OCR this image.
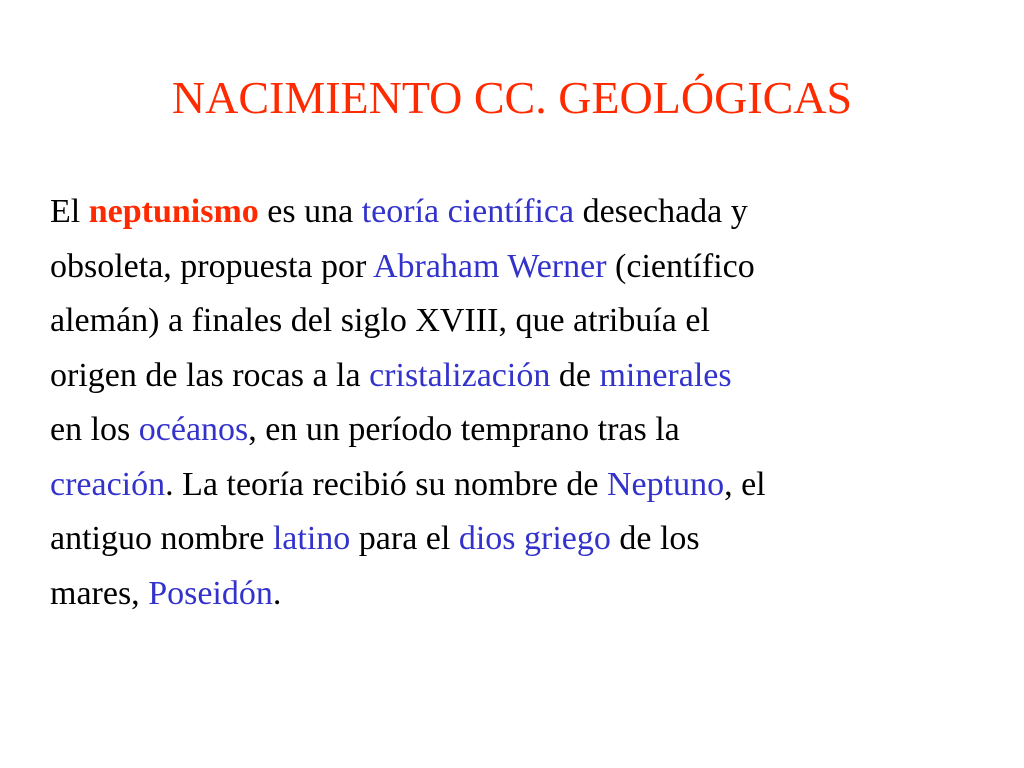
NACIMIENTO CC. GEOLÓGICAS
El neptunismo es una teoría científica desechada y
obsoleta, propuesta por Abraham Werner (científico
alemán) a finales del siglo XVIII, que atribuía el
origen de las rocas a la cristalización de minerales
en los océanos, en un período temprano tras la
creación. La teoría recibió su nombre de Neptuno, el
antiguo nombre latino para el dios griego de los
mares, Poseidón.
